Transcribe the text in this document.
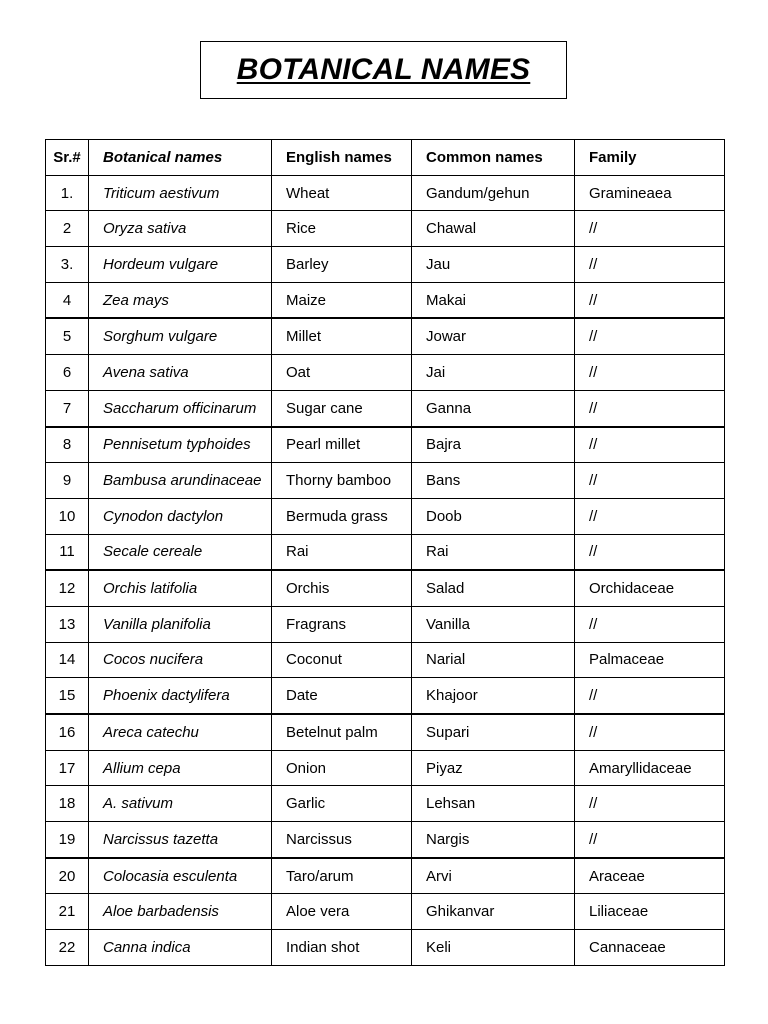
BOTANICAL NAMES
Sr.#	Botanical names	English names	Common names	Family
1.	Triticum aestivum	Wheat	Gandum/gehun	Gramineaea
2	Oryza sativa	Rice	Chawal	//
3.	Hordeum vulgare	Barley	Jau	//
4	Zea mays	Maize	Makai	//
5	Sorghum vulgare	Millet	Jowar	//
6	Avena sativa	Oat	Jai	//
7	Saccharum officinarum	Sugar cane	Ganna	//
8	Pennisetum typhoides	Pearl millet	Bajra	//
9	Bambusa arundinaceae	Thorny bamboo	Bans	//
10	Cynodon dactylon	Bermuda grass	Doob	//
11	Secale cereale	Rai	Rai	//
12	Orchis latifolia	Orchis	Salad	Orchidaceae
13	Vanilla planifolia	Fragrans	Vanilla	//
14	Cocos nucifera	Coconut	Narial	Palmaceae
15	Phoenix dactylifera	Date	Khajoor	//
16	Areca catechu	Betelnut palm	Supari	//
17	Allium cepa	Onion	Piyaz	Amaryllidaceae
18	A. sativum	Garlic	Lehsan	//
19	Narcissus tazetta	Narcissus	Nargis	//
20	Colocasia esculenta	Taro/arum	Arvi	Araceae
21	Aloe barbadensis	Aloe vera	Ghikanvar	Liliaceae
22	Canna indica	Indian shot	Keli	Cannaceae
